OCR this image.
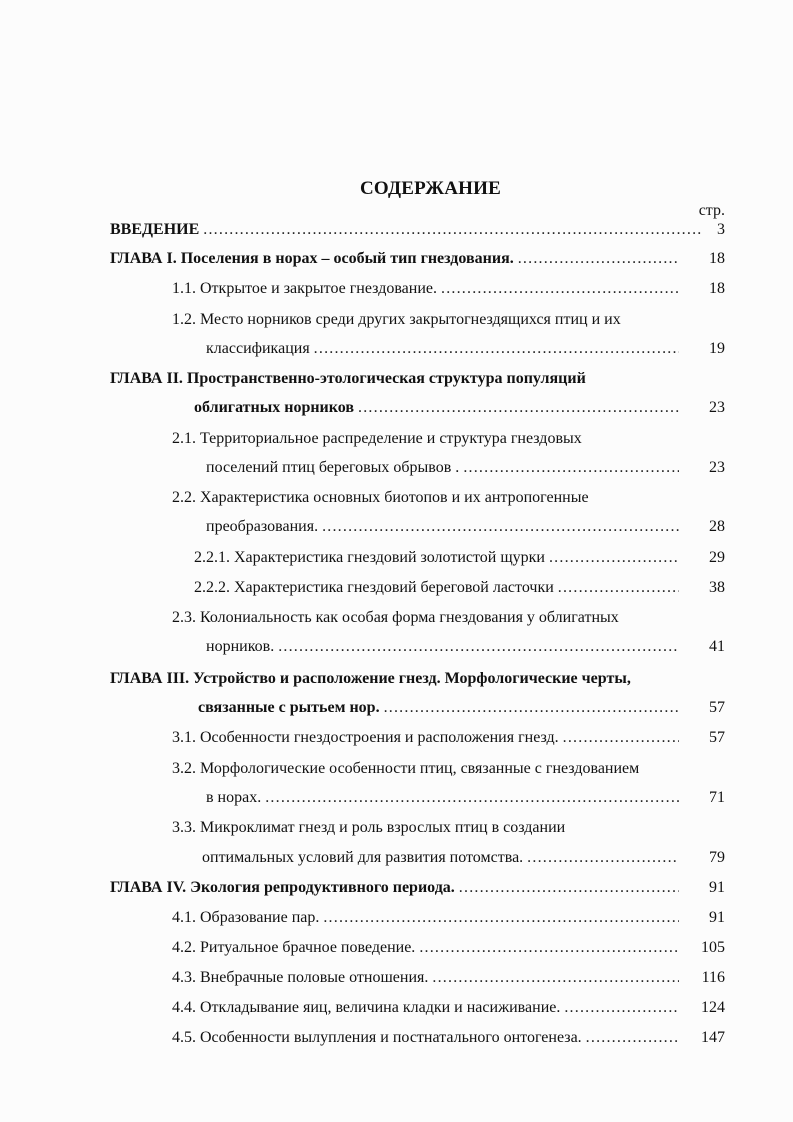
СОДЕРЖАНИЕ
стр.
ВВЕДЕНИЕ . . .	3
ГЛАВА I. Поселения в норах – особый тип гнездования. . . .	18
1.1. Открытое и закрытое гнездование. . . .	18
1.2. Место норников среди других закрытогнездящихся птиц и их
классификация . . .	19
ГЛАВА II. Пространственно-этологическая структура популяций
облигатных норников . . .	23
2.1. Территориальное распределение и структура гнездовых
поселений птиц береговых обрывов . . . .	23
2.2. Характеристика основных биотопов и их антропогенные
преобразования. . . .	28
2.2.1. Характеристика гнездовий золотистой щурки . . .	29
2.2.2. Характеристика гнездовий береговой ласточки . . .	38
2.3. Колониальность как особая форма гнездования у облигатных
норников. . . .	41
ГЛАВА III. Устройство и расположение гнезд. Морфологические черты,
связанные с рытьем нор. . . .	57
3.1. Особенности гнездостроения и расположения гнезд. . . .	57
3.2. Морфологические особенности птиц, связанные с гнездованием
в норах. . . .	71
3.3. Микроклимат гнезд и роль взрослых птиц в создании
оптимальных условий для развития потомства. . . .	79
ГЛАВА IV. Экология репродуктивного периода. . . .	91
4.1. Образование пар. . . .	91
4.2. Ритуальное брачное поведение. . . .	105
4.3. Внебрачные половые отношения. . . .	116
4.4. Откладывание яиц, величина кладки и насиживание. . . .	124
4.5. Особенности вылупления и постнатального онтогенеза. . . .	147
